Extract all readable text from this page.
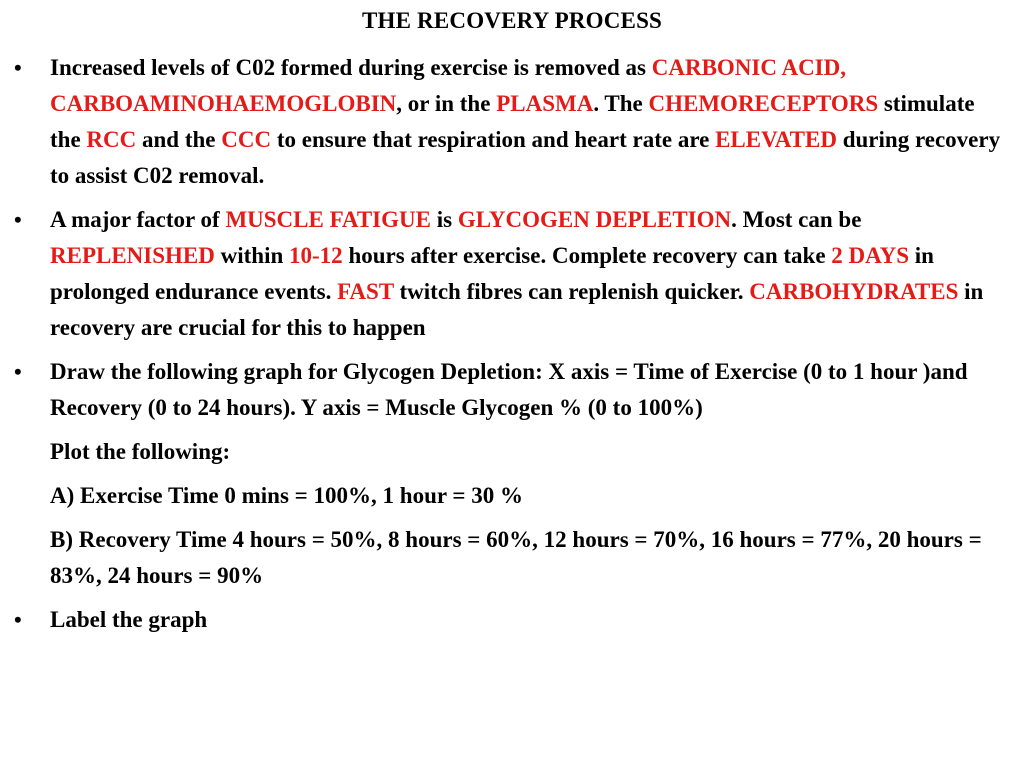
THE RECOVERY PROCESS
• Increased levels of C02 formed during exercise is removed as CARBONIC ACID, CARBOAMINOHAEMOGLOBIN, or in the PLASMA. The CHEMORECEPTORS stimulate the RCC and the CCC to ensure that respiration and heart rate are ELEVATED during recovery to assist C02 removal.
• A major factor of MUSCLE FATIGUE is GLYCOGEN DEPLETION. Most can be REPLENISHED within 10-12 hours after exercise. Complete recovery can take 2 DAYS in prolonged endurance events. FAST twitch fibres can replenish quicker. CARBOHYDRATES in recovery are crucial for this to happen
• Draw the following graph for Glycogen Depletion: X axis = Time of Exercise (0 to 1 hour )and Recovery (0 to 24 hours). Y axis = Muscle Glycogen % (0 to 100%)
Plot the following:
A) Exercise Time 0 mins = 100%, 1 hour = 30 %
B) Recovery Time 4 hours = 50%, 8 hours = 60%, 12 hours = 70%, 16 hours = 77%, 20 hours = 83%, 24 hours = 90%
• Label the graph
